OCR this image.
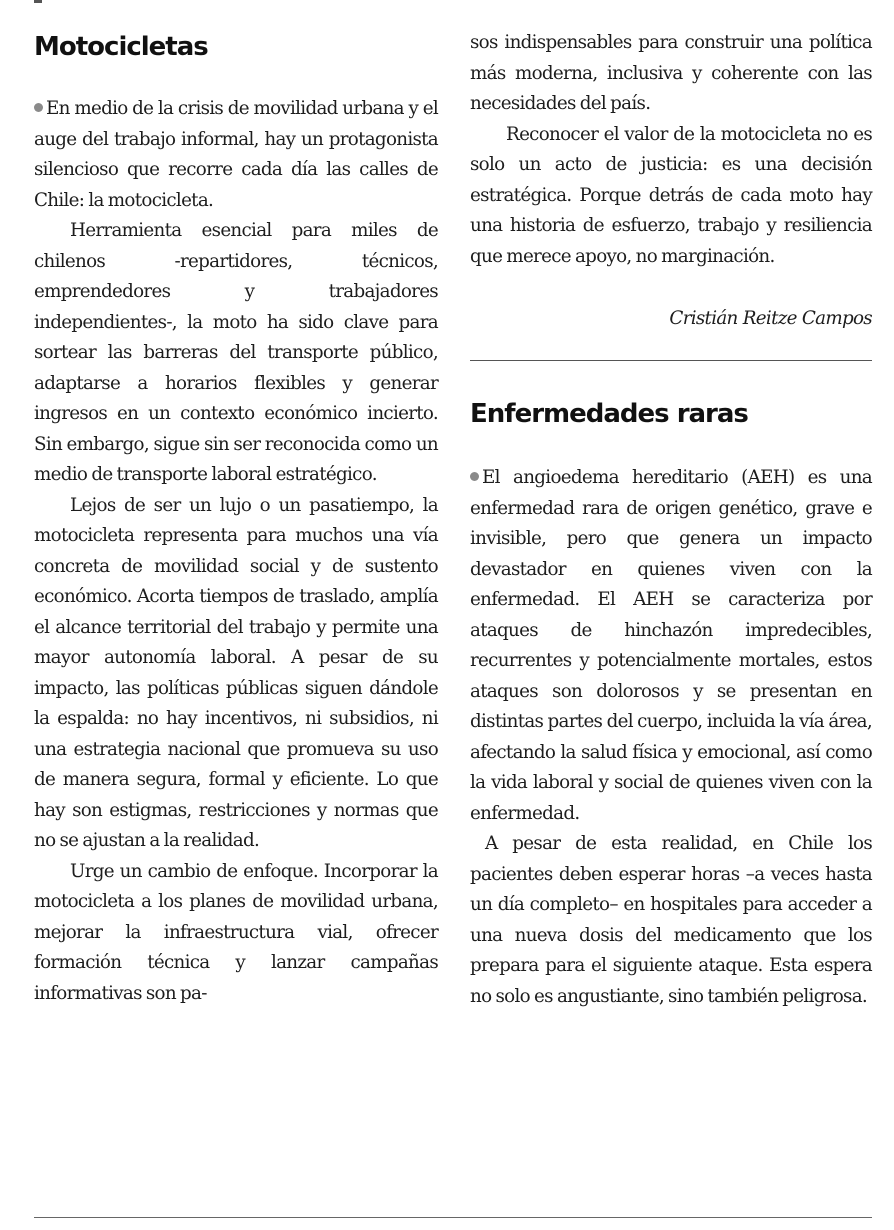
Motocicletas

En medio de la crisis de movilidad urbana y el auge del trabajo informal, hay un protagonista silencioso que recorre cada día las calles de Chile: la motocicleta.

Herramienta esencial para miles de chilenos -repartidores, técnicos, emprendedores y trabajadores independientes-, la moto ha sido clave para sortear las barreras del transporte público, adaptarse a horarios flexibles y generar ingresos en un contexto económico incierto. Sin embargo, sigue sin ser reconocida como un medio de transporte laboral estratégico.

Lejos de ser un lujo o un pasatiempo, la motocicleta representa para muchos una vía concreta de movilidad social y de sustento económico. Acorta tiempos de traslado, amplía el alcance territorial del trabajo y permite una mayor autonomía laboral. A pesar de su impacto, las políticas públicas siguen dándole la espalda: no hay incentivos, ni subsidios, ni una estrategia nacional que promueva su uso de manera segura, formal y eficiente. Lo que hay son estigmas, restricciones y normas que no se ajustan a la realidad.

Urge un cambio de enfoque. Incorporar la motocicleta a los planes de movilidad urbana, mejorar la infraestructura vial, ofrecer formación técnica y lanzar campañas informativas son pa-

sos indispensables para construir una política más moderna, inclusiva y coherente con las necesidades del país.

Reconocer el valor de la motocicleta no es solo un acto de justicia: es una decisión estratégica. Porque detrás de cada moto hay una historia de esfuerzo, trabajo y resiliencia que merece apoyo, no marginación.

Cristián Reitze Campos
Enfermedades raras

El angioedema hereditario (AEH) es una enfermedad rara de origen genético, grave e invisible, pero que genera un impacto devastador en quienes viven con la enfermedad. El AEH se caracteriza por ataques de hinchazón impredecibles, recurrentes y potencialmente mortales, estos ataques son dolorosos y se presentan en distintas partes del cuerpo, incluida la vía área, afectando la salud física y emocional, así como la vida laboral y social de quienes viven con la enfermedad.

A pesar de esta realidad, en Chile los pacientes deben esperar horas –a veces hasta un día completo– en hospitales para acceder a una nueva dosis del medicamento que los prepara para el siguiente ataque. Esta espera no solo es angustiante, sino también peligrosa.
